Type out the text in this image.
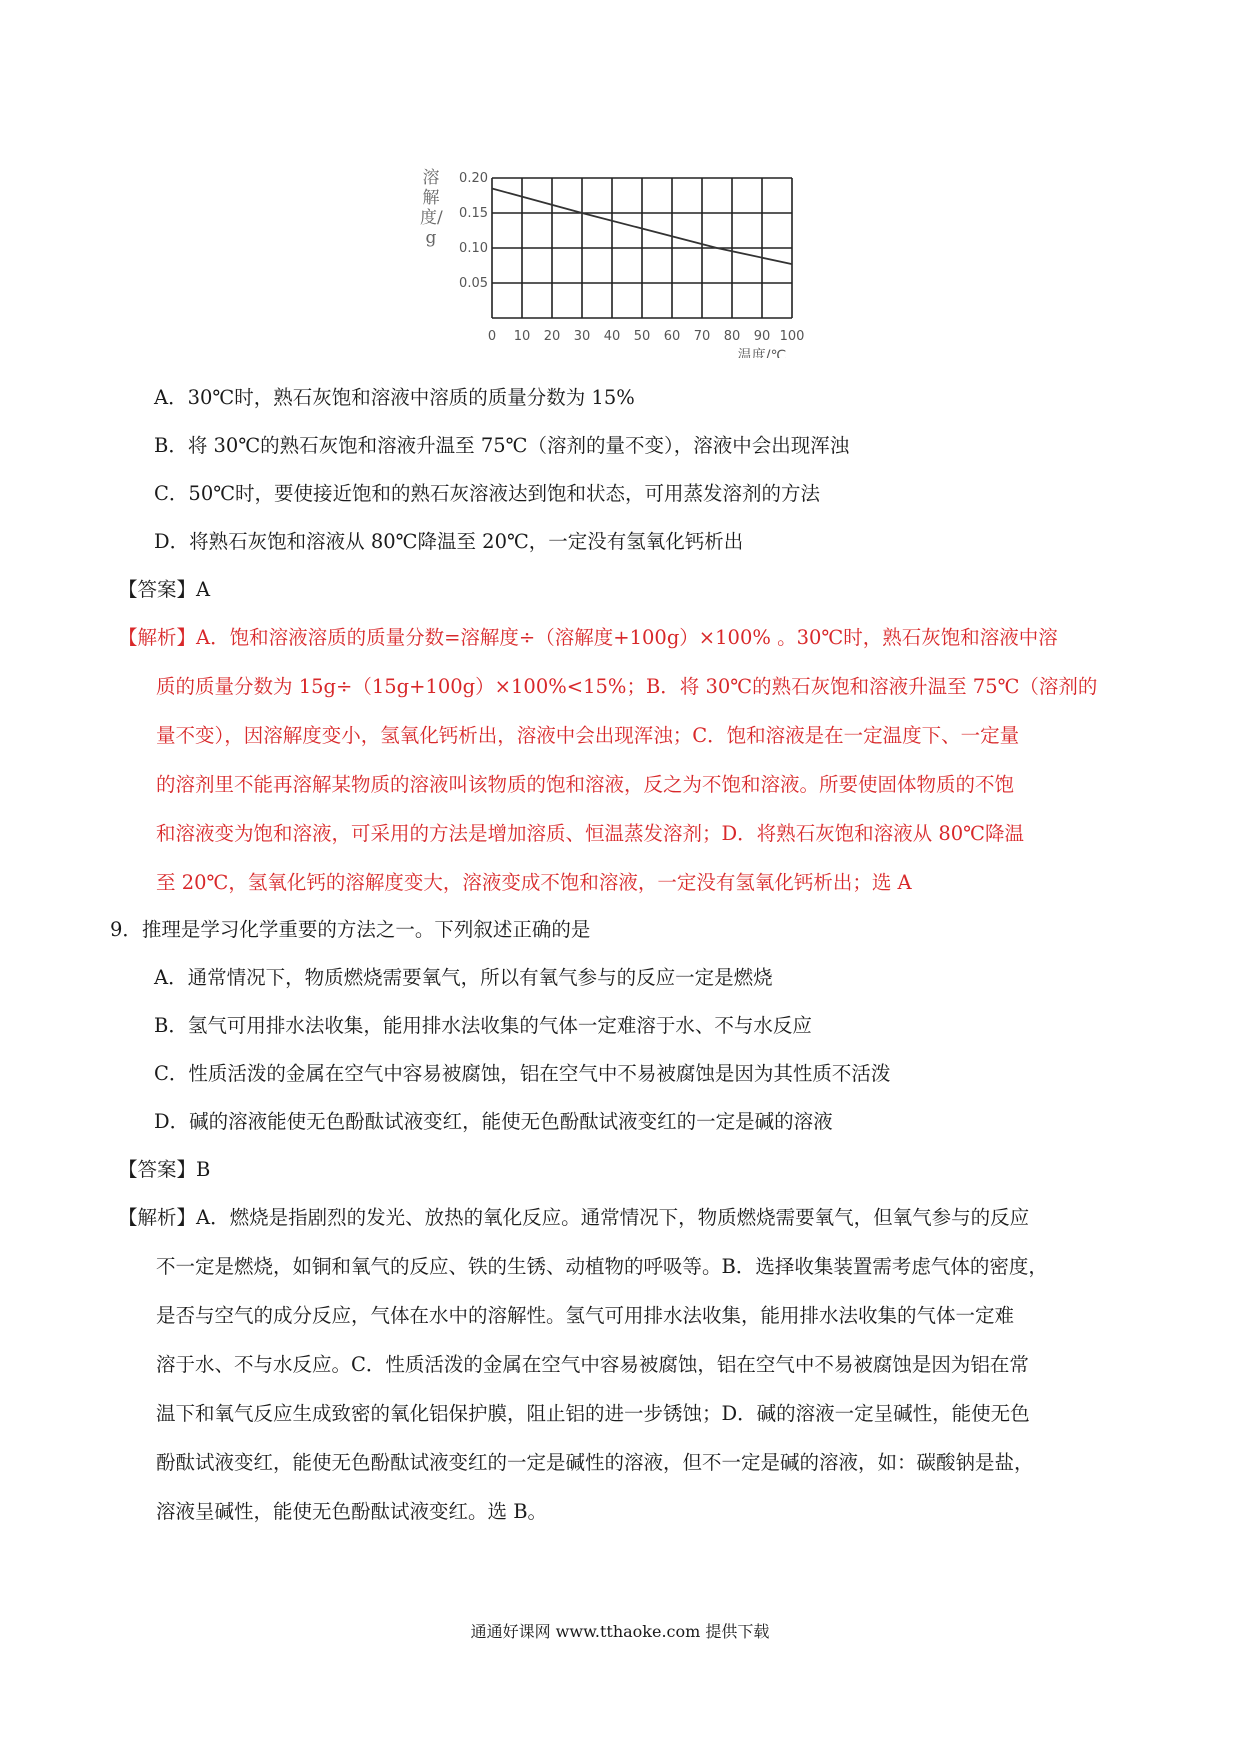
溶解度/g
0 10 20 30 40 50 60 70 80 90 100
0.05
0.10
0.15
0.20
温度/℃
A．30℃时，熟石灰饱和溶液中溶质的质量分数为 15%
B．将 30℃的熟石灰饱和溶液升温至 75℃（溶剂的量不变），溶液中会出现浑浊
C．50℃时，要使接近饱和的熟石灰溶液达到饱和状态，可用蒸发溶剂的方法
D．将熟石灰饱和溶液从 80℃降温至 20℃，一定没有氢氧化钙析出
【答案】A
【解析】A．饱和溶液溶质的质量分数=溶解度÷（溶解度+100g）×100% 。30℃时，熟石灰饱和溶液中溶
质的质量分数为 15g÷（15g+100g）×100%<15%；B．将 30℃的熟石灰饱和溶液升温至 75℃（溶剂的
量不变），因溶解度变小，氢氧化钙析出，溶液中会出现浑浊；C．饱和溶液是在一定温度下、一定量
的溶剂里不能再溶解某物质的溶液叫该物质的饱和溶液，反之为不饱和溶液。所要使固体物质的不饱
和溶液变为饱和溶液，可采用的方法是增加溶质、恒温蒸发溶剂；D．将熟石灰饱和溶液从 80℃降温
至 20℃，氢氧化钙的溶解度变大，溶液变成不饱和溶液，一定没有氢氧化钙析出；选 A
9．推理是学习化学重要的方法之一。下列叙述正确的是
A．通常情况下，物质燃烧需要氧气，所以有氧气参与的反应一定是燃烧
B．氢气可用排水法收集，能用排水法收集的气体一定难溶于水、不与水反应
C．性质活泼的金属在空气中容易被腐蚀，铝在空气中不易被腐蚀是因为其性质不活泼
D．碱的溶液能使无色酚酞试液变红，能使无色酚酞试液变红的一定是碱的溶液
【答案】B
【解析】A．燃烧是指剧烈的发光、放热的氧化反应。通常情况下，物质燃烧需要氧气，但氧气参与的反应
不一定是燃烧，如铜和氧气的反应、铁的生锈、动植物的呼吸等。B．选择收集装置需考虑气体的密度，
是否与空气的成分反应，气体在水中的溶解性。氢气可用排水法收集，能用排水法收集的气体一定难
溶于水、不与水反应。C．性质活泼的金属在空气中容易被腐蚀，铝在空气中不易被腐蚀是因为铝在常
温下和氧气反应生成致密的氧化铝保护膜，阻止铝的进一步锈蚀；D．碱的溶液一定呈碱性，能使无色
酚酞试液变红，能使无色酚酞试液变红的一定是碱性的溶液，但不一定是碱的溶液，如：碳酸钠是盐，
溶液呈碱性，能使无色酚酞试液变红。选 B。
通通好课网 www.tthaoke.com 提供下载
